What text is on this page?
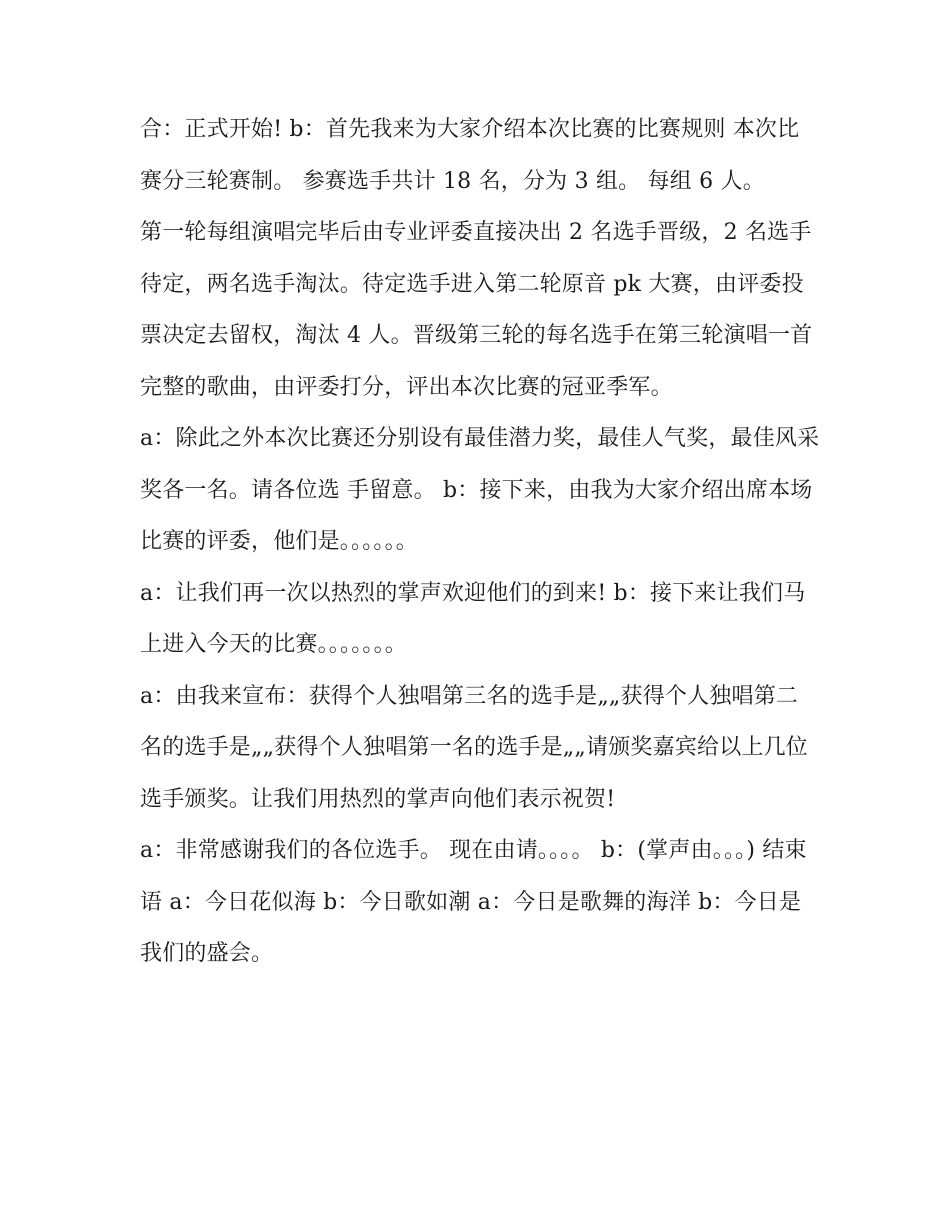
合：正式开始! b：首先我来为大家介绍本次比赛的比赛规则 本次比赛分三轮赛制。 参赛选手共计 18 名，分为 3 组。 每组 6 人。

第一轮每组演唱完毕后由专业评委直接决出 2 名选手晋级，2 名选手待定，两名选手淘汰。待定选手进入第二轮原音 pk 大赛，由评委投票决定去留权，淘汰 4 人。晋级第三轮的每名选手在第三轮演唱一首完整的歌曲，由评委打分，评出本次比赛的冠亚季军。

a：除此之外本次比赛还分别设有最佳潜力奖，最佳人气奖，最佳风采奖各一名。请各位选 手留意。 b：接下来，由我为大家介绍出席本场比赛的评委，他们是。。。。。。

a：让我们再一次以热烈的掌声欢迎他们的到来! b：接下来让我们马上进入今天的比赛。。。。。。。

a：由我来宣布：获得个人独唱第三名的选手是„„获得个人独唱第二名的选手是„„获得个人独唱第一名的选手是„„请颁奖嘉宾给以上几位选手颁奖。让我们用热烈的掌声向他们表示祝贺!

a：非常感谢我们的各位选手。 现在由请。。。。 b：(掌声由。。。) 结束语 a：今日花似海 b：今日歌如潮 a：今日是歌舞的海洋 b：今日是我们的盛会。
